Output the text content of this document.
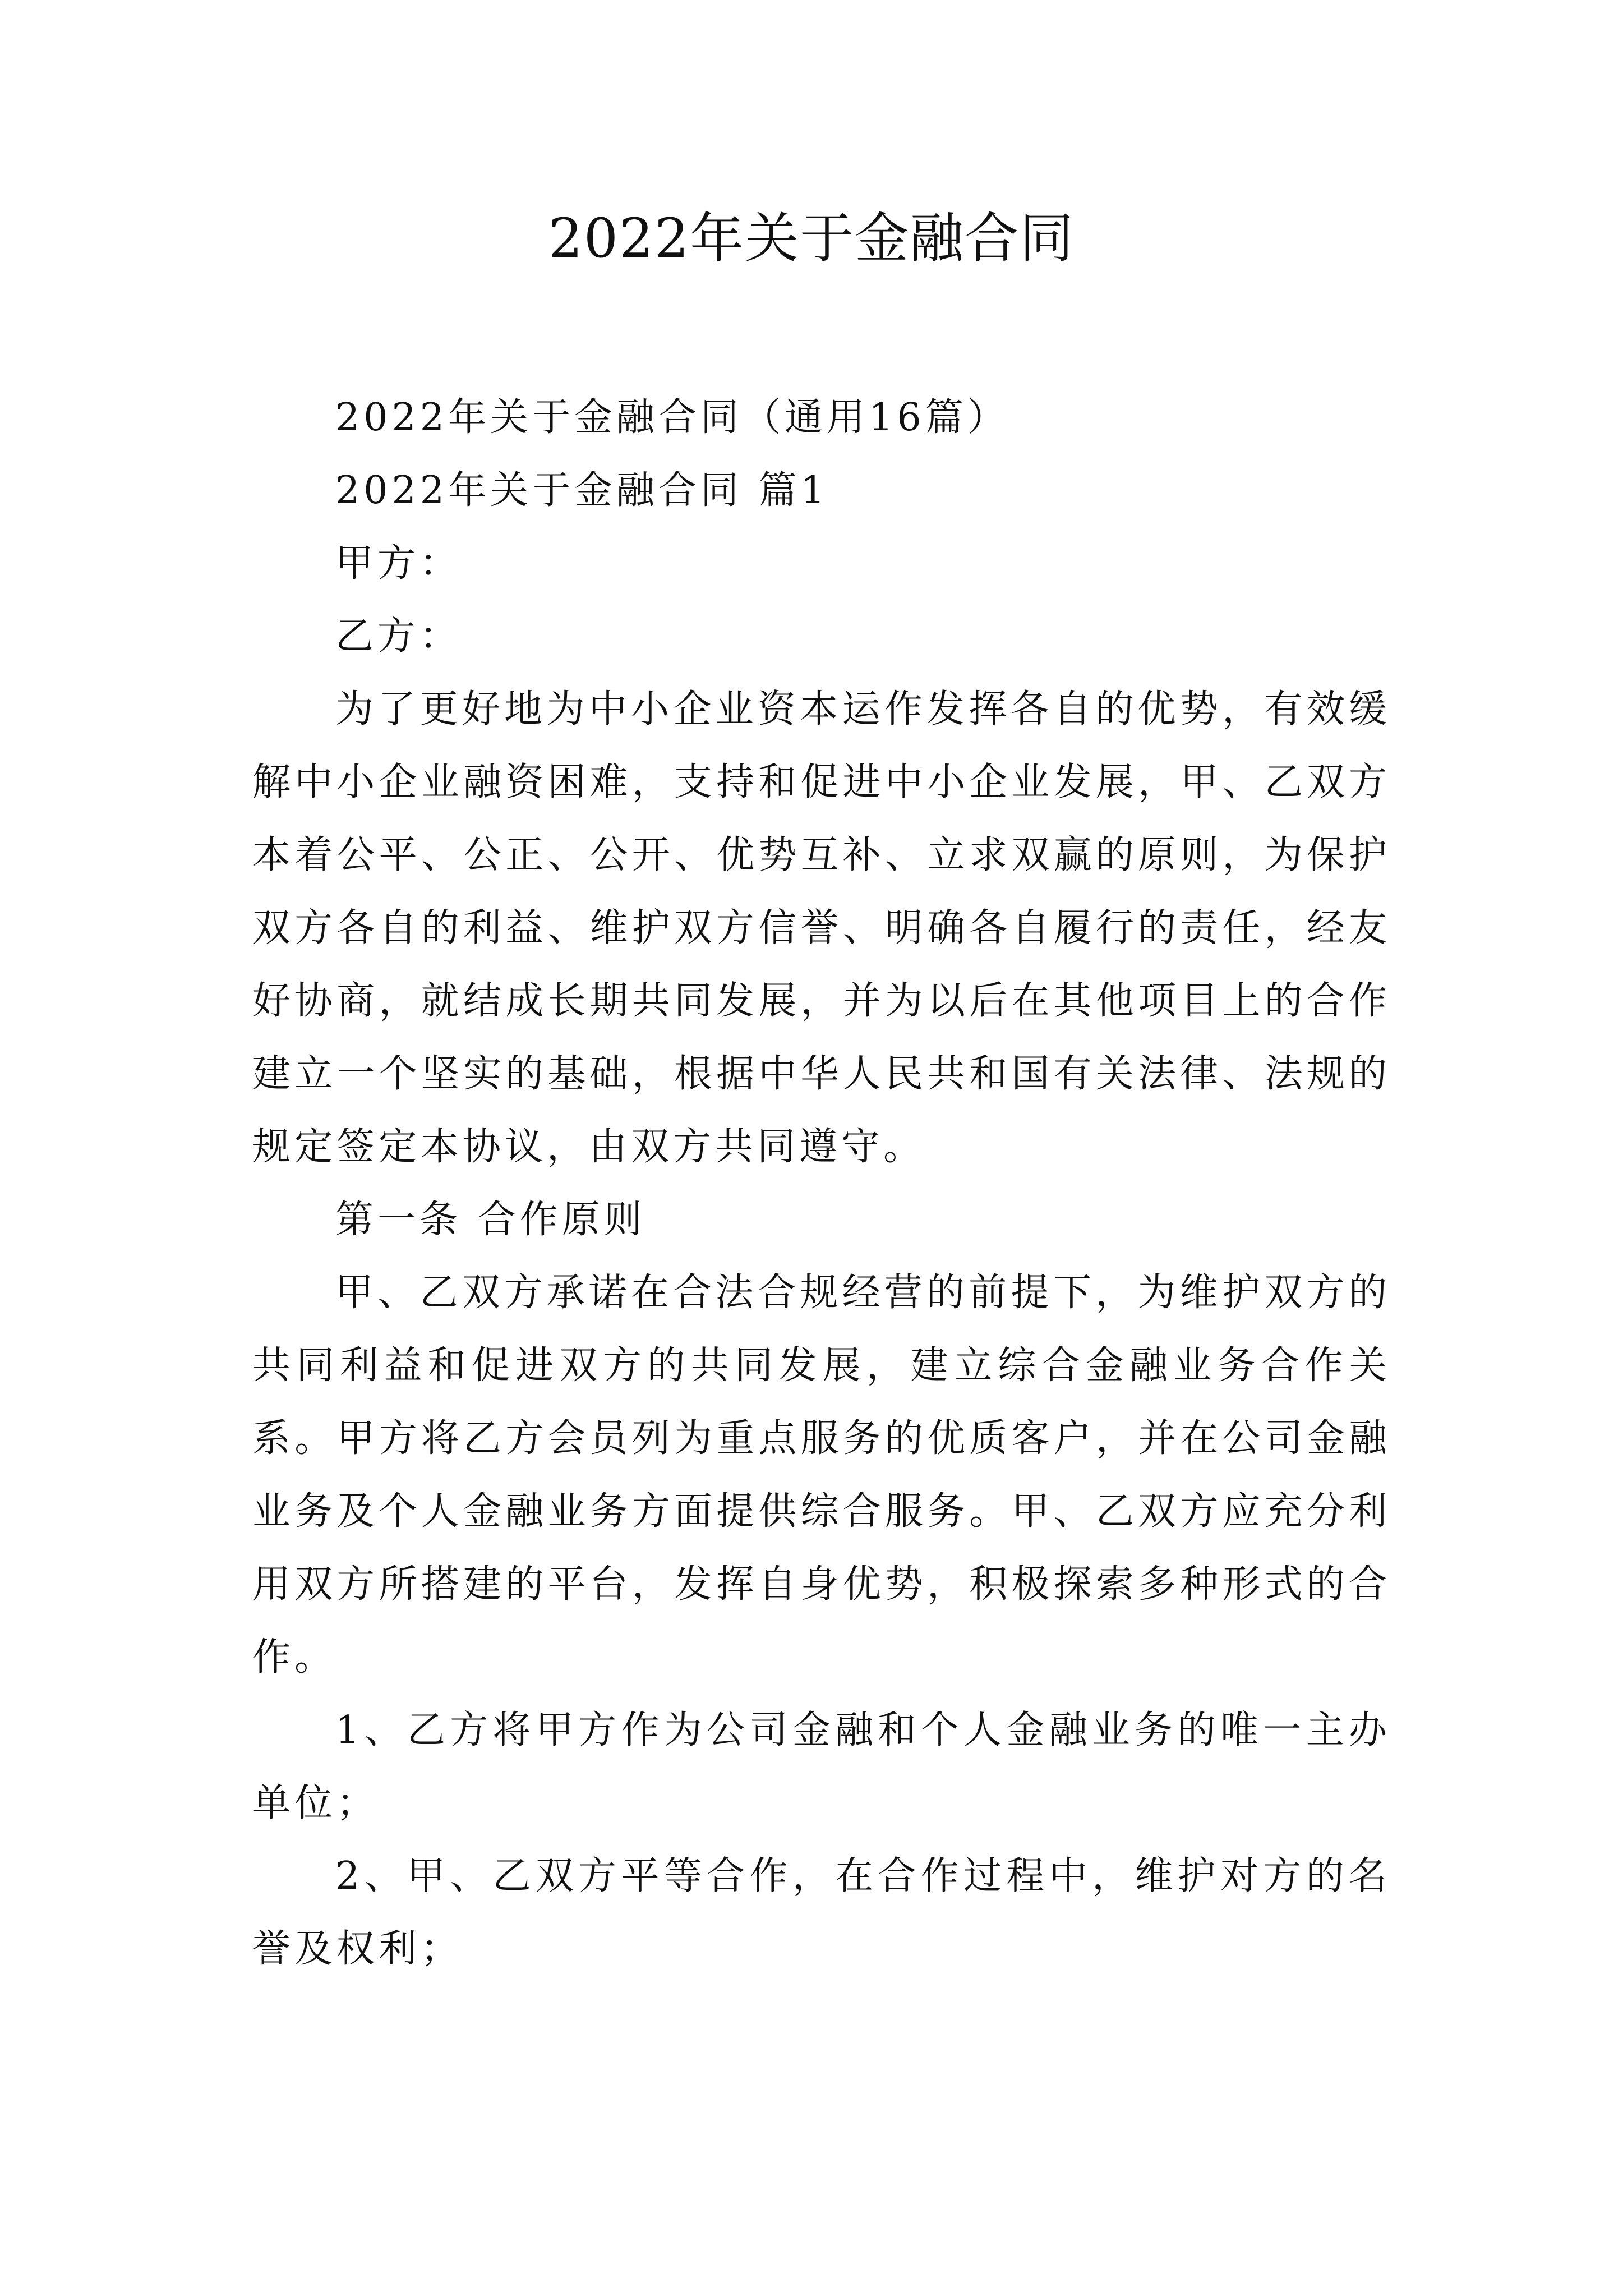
2022年关于金融合同

2022年关于金融合同（通用16篇）

2022年关于金融合同 篇1

甲方：

乙方：

为了更好地为中小企业资本运作发挥各自的优势，有效缓解中小企业融资困难，支持和促进中小企业发展，甲、乙双方本着公平、公正、公开、优势互补、立求双赢的原则，为保护双方各自的利益、维护双方信誉、明确各自履行的责任，经友好协商，就结成长期共同发展，并为以后在其他项目上的合作建立一个坚实的基础，根据中华人民共和国有关法律、法规的规定签定本协议，由双方共同遵守。

第一条 合作原则

甲、乙双方承诺在合法合规经营的前提下，为维护双方的共同利益和促进双方的共同发展，建立综合金融业务合作关系。甲方将乙方会员列为重点服务的优质客户，并在公司金融业务及个人金融业务方面提供综合服务。甲、乙双方应充分利用双方所搭建的平台，发挥自身优势，积极探索多种形式的合作。

1、乙方将甲方作为公司金融和个人金融业务的唯一主办单位；

2、甲、乙双方平等合作，在合作过程中，维护对方的名誉及权利；
